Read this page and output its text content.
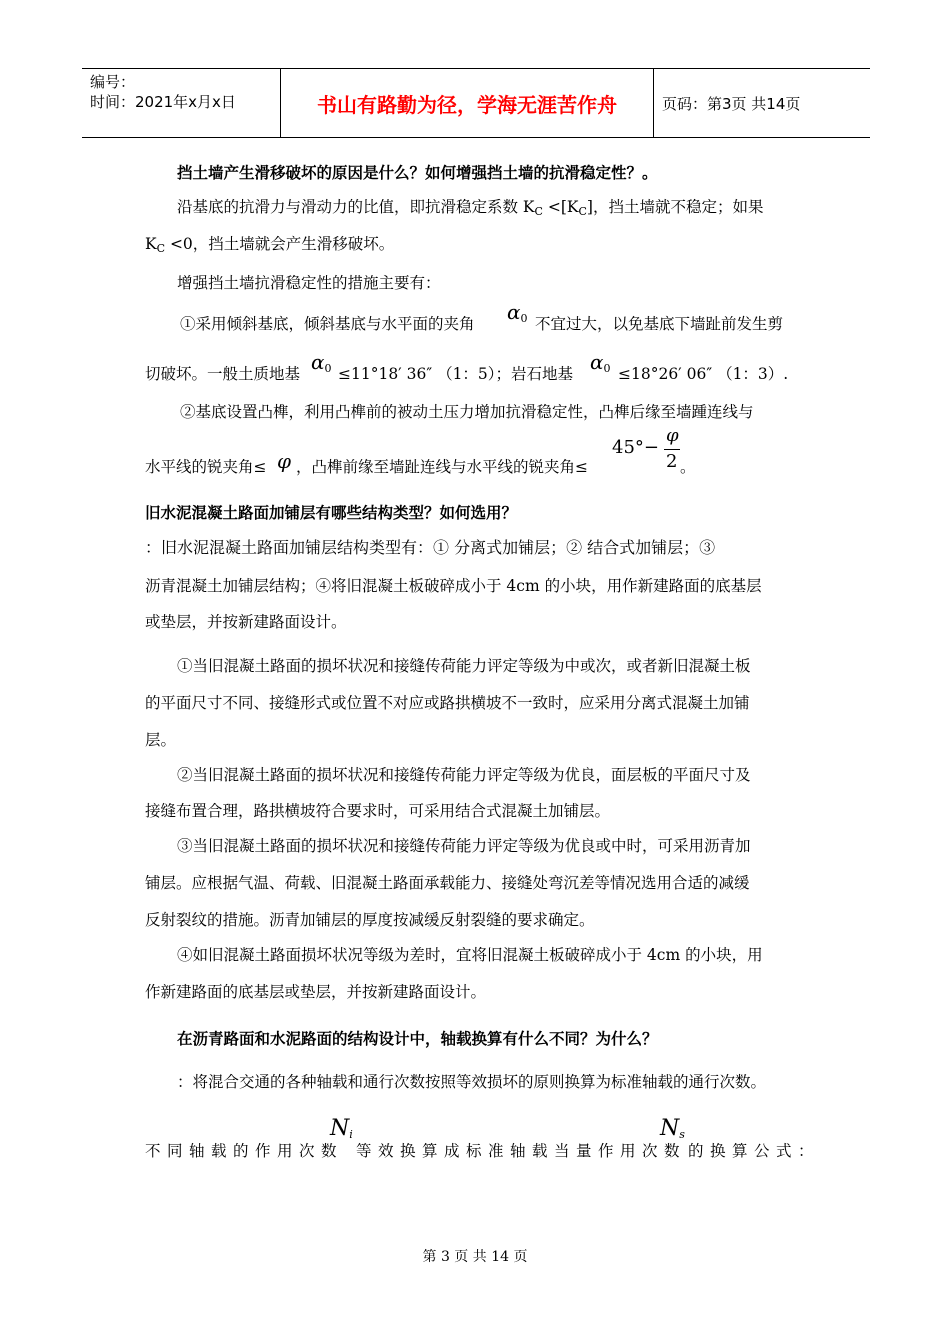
编号：
时间：2021年x月x日	书山有路勤为径，学海无涯苦作舟	页码：第3页 共14页
挡土墙产生滑移破坏的原因是什么？如何增强挡土墙的抗滑稳定性？。
沿基底的抗滑力与滑动力的比值，即抗滑稳定系数 $K_C <[K_C]$，挡土墙就不稳定；如果
$K_C <0$，挡土墙就会产生滑移破坏。
增强挡土墙抗滑稳定性的措施主要有：
①采用倾斜基底，倾斜基底与水平面的夹角 $\alpha_0$ 不宜过大，以免基底下墙趾前发生剪
切破坏。一般土质地基 $\alpha_0 \le 11^\circ 18'$ 36″ （1：5）；岩石地基 $\alpha_0 \le 18^\circ 26'$ 06″ （1：3）.
②基底设置凸榫，利用凸榫前的被动土压力增加抗滑稳定性，凸榫后缘至墙踵连线与
水平线的锐夹角≤ φ ，凸榫前缘至墙趾连线与水平线的锐夹角≤
45°−
φ
2 。
旧水泥混凝土路面加铺层有哪些结构类型？如何选用？
：旧水泥混凝土路面加铺层结构类型有：① 分离式加铺层；② 结合式加铺层；③
沥青混凝土加铺层结构；④将旧混凝土板破碎成小于 4cm 的小块，用作新建路面的底基层
或垫层，并按新建路面设计。
①当旧混凝土路面的损坏状况和接缝传荷能力评定等级为中或次，或者新旧混凝土板
的平面尺寸不同、接缝形式或位置不对应或路拱横坡不一致时，应采用分离式混凝土加铺
层。
②当旧混凝土路面的损坏状况和接缝传荷能力评定等级为优良，面层板的平面尺寸及
接缝布置合理，路拱横坡符合要求时，可采用结合式混凝土加铺层。
③当旧混凝土路面的损坏状况和接缝传荷能力评定等级为优良或中时，可采用沥青加
铺层。应根据气温、荷载、旧混凝土路面承载能力、接缝处弯沉差等情况选用合适的减缓
反射裂纹的措施。沥青加铺层的厚度按减缓反射裂缝的要求确定。
④如旧混凝土路面损坏状况等级为差时，宜将旧混凝土板破碎成小于 4cm 的小块，用
作新建路面的底基层或垫层，并按新建路面设计。
在沥青路面和水泥路面的结构设计中，轴载换算有什么不同？为什么？
：将混合交通的各种轴载和通行次数按照等效损坏的原则换算为标准轴载的通行次数。
不同轴载的作用次数
$N_i$
等效换算成标准轴载当量作用次数
$N_s$
的换算公式：
第 3 页 共 14 页
